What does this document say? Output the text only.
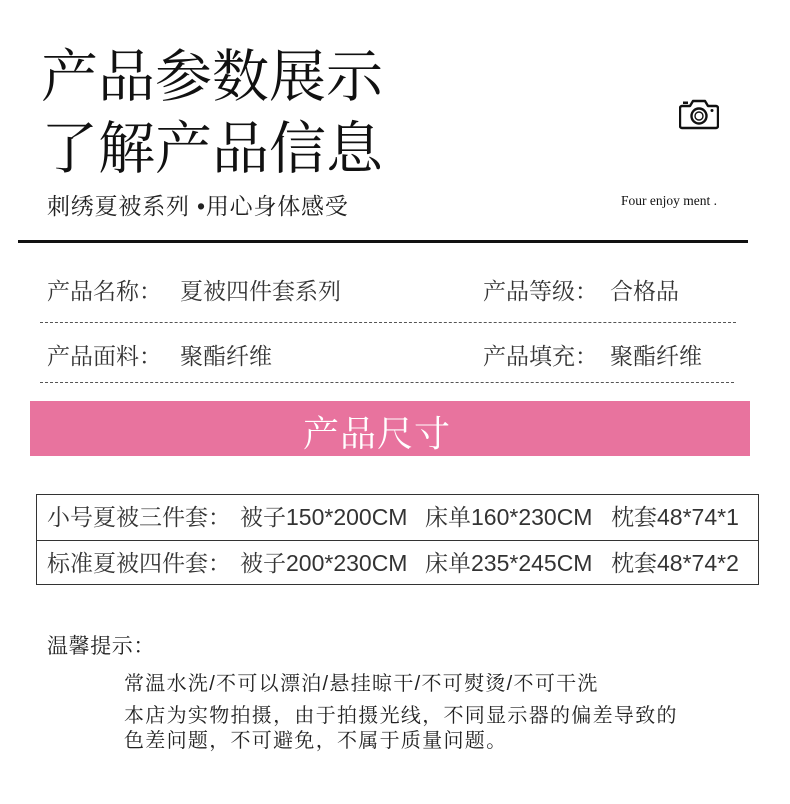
产品参数展示
了解产品信息
刺绣夏被系列 •用心身体感受	Four enjoy ment .
产品名称： 夏被四件套系列	产品等级： 合格品
产品面料： 聚酯纤维	产品填充： 聚酯纤维
产品尺寸
小号夏被三件套： 被子150*200CM 床单160*230CM 枕套48*74*1
标准夏被四件套： 被子200*230CM 床单235*245CM 枕套48*74*2
温馨提示：
常温水洗/不可以漂泊/悬挂晾干/不可熨烫/不可干洗
本店为实物拍摄，由于拍摄光线，不同显示器的偏差导致的
色差问题，不可避免，不属于质量问题。
